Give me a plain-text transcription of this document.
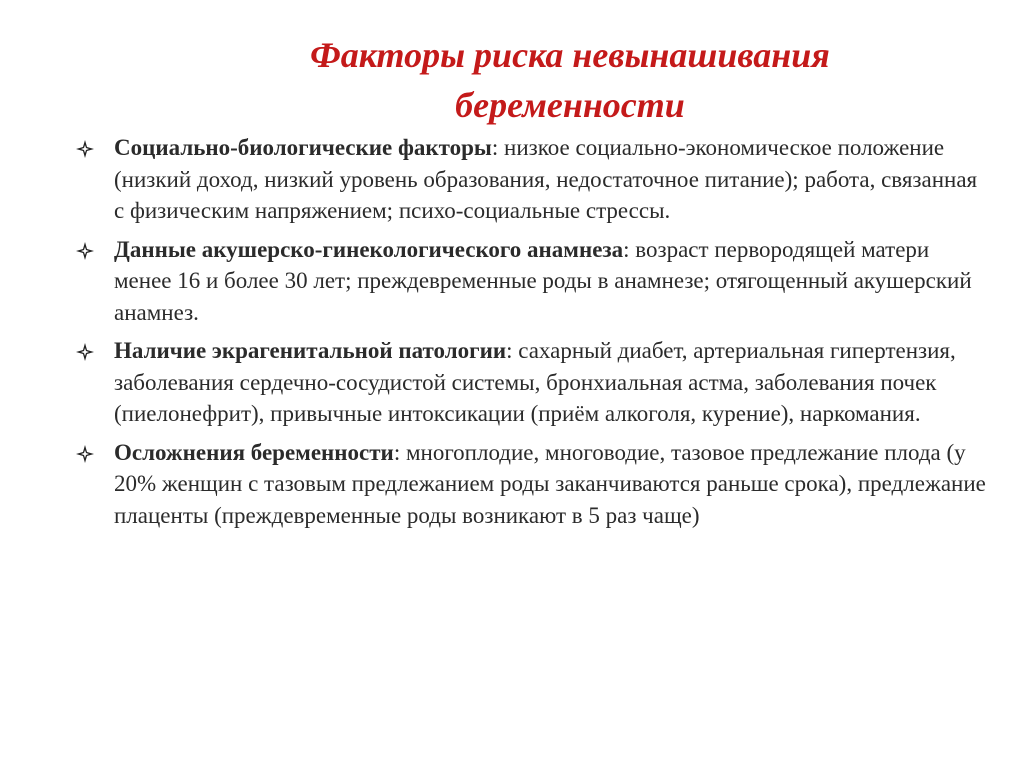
Факторы риска невынашивания
беременности
Социально-биологические факторы: низкое социально-экономическое положение (низкий доход, низкий уровень образования, недостаточное питание); работа, связанная с физическим напряжением; психо-социальные стрессы.
Данные акушерско-гинекологического анамнеза: возраст первородящей матери менее 16 и более 30 лет; преждевременные роды в анамнезе; отягощенный акушерский анамнез.
Наличие экрагенитальной патологии: сахарный диабет, артериальная гипертензия, заболевания сердечно-сосудистой системы, бронхиальная астма, заболевания почек (пиелонефрит), привычные интоксикации (приём алкоголя, курение), наркомания.
Осложнения беременности: многоплодие, многоводие, тазовое предлежание плода (у 20% женщин с тазовым предлежанием роды заканчиваются раньше срока), предлежание плаценты (преждевременные роды возникают в 5 раз чаще)
